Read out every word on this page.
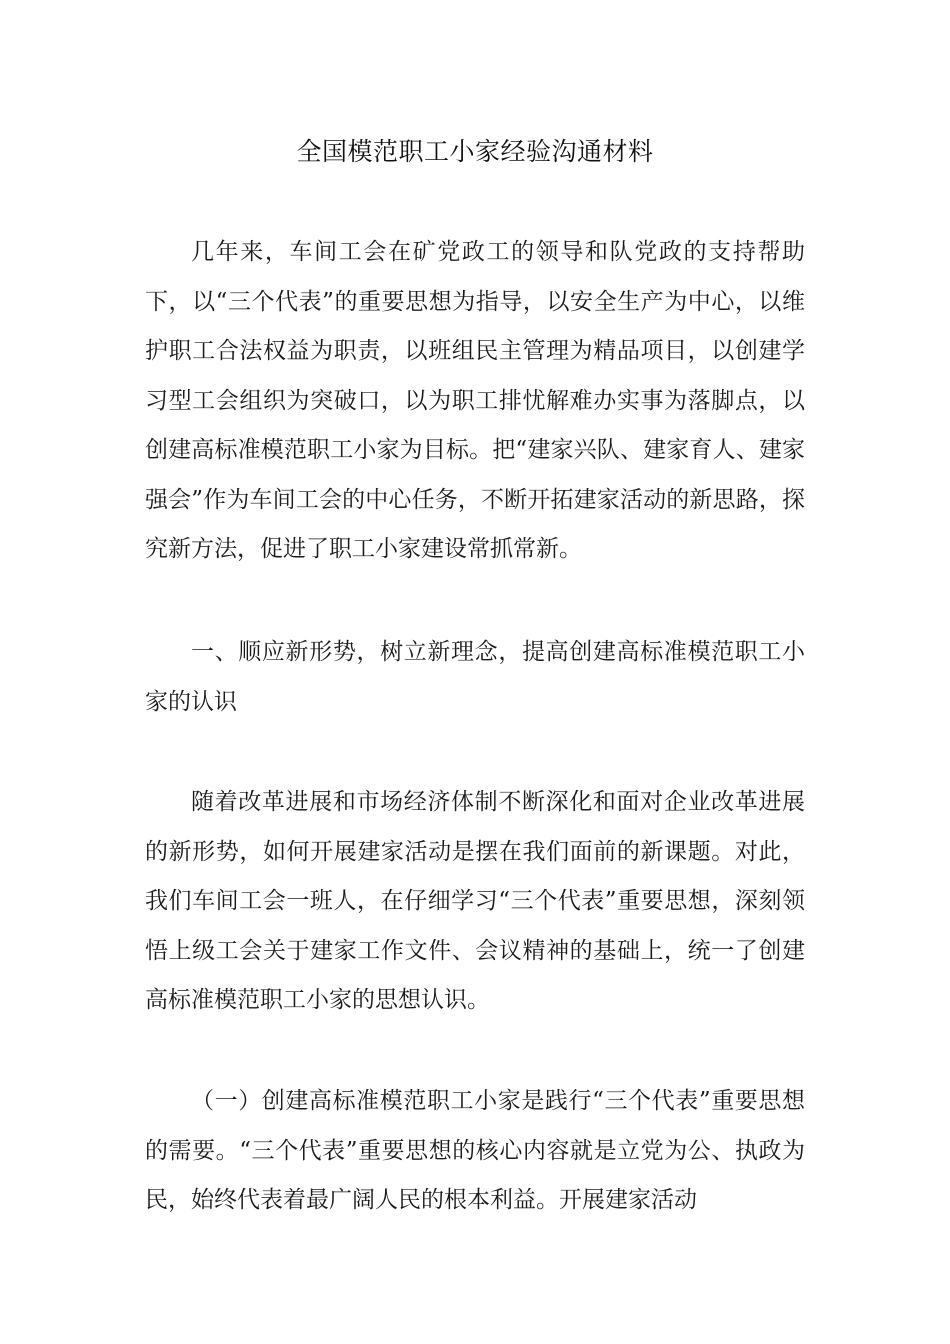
全国模范职工小家经验沟通材料

几年来，车间工会在矿党政工的领导和队党政的支持帮助下，以“三个代表”的重要思想为指导，以安全生产为中心，以维护职工合法权益为职责，以班组民主管理为精品项目，以创建学习型工会组织为突破口，以为职工排忧解难办实事为落脚点，以创建高标准模范职工小家为目标。把“建家兴队、建家育人、建家强会”作为车间工会的中心任务，不断开拓建家活动的新思路，探究新方法，促进了职工小家建设常抓常新。

一、顺应新形势，树立新理念，提高创建高标准模范职工小家的认识

随着改革进展和市场经济体制不断深化和面对企业改革进展的新形势，如何开展建家活动是摆在我们面前的新课题。对此，我们车间工会一班人，在仔细学习“三个代表”重要思想，深刻领悟上级工会关于建家工作文件、会议精神的基础上，统一了创建高标准模范职工小家的思想认识。

（一）创建高标准模范职工小家是践行“三个代表”重要思想的需要。“三个代表”重要思想的核心内容就是立党为公、执政为民，始终代表着最广阔人民的根本利益。开展建家活动
